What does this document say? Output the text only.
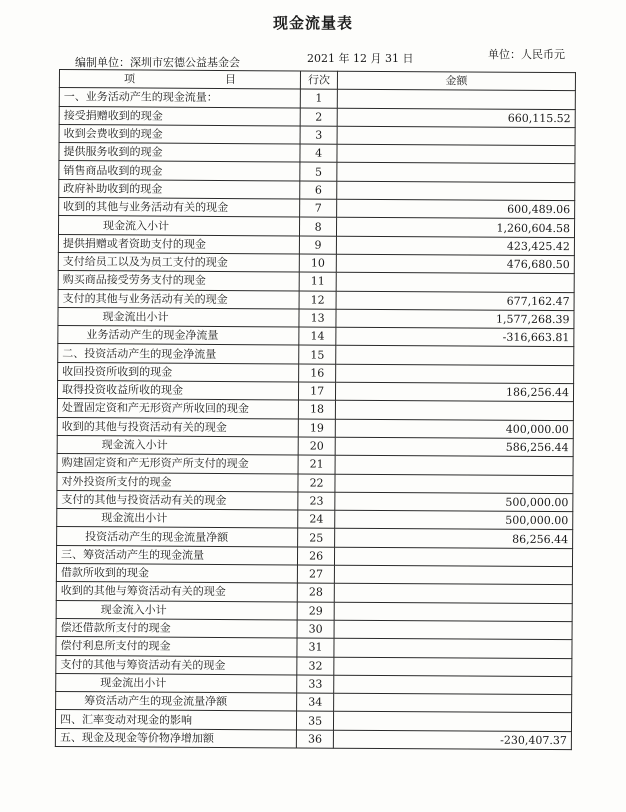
现金流量表
编制单位：深圳市宏德公益基金会	2021 年 12 月 31 日	单位：人民币元
项 目	行次	金额
一、业务活动产生的现金流量：	1	
接受捐赠收到的现金	2	660,115.52
收到会费收到的现金	3	
提供服务收到的现金	4	
销售商品收到的现金	5	
政府补助收到的现金	6	
收到的其他与业务活动有关的现金	7	600,489.06
现金流入小计	8	1,260,604.58
提供捐赠或者资助支付的现金	9	423,425.42
支付给员工以及为员工支付的现金	10	476,680.50
购买商品接受劳务支付的现金	11	
支付的其他与业务活动有关的现金	12	677,162.47
现金流出小计	13	1,577,268.39
业务活动产生的现金净流量	14	-316,663.81
二、投资活动产生的现金净流量	15	
收回投资所收到的现金	16	
取得投资收益所收的现金	17	186,256.44
处置固定资和产无形资产所收回的现金	18	
收到的其他与投资活动有关的现金	19	400,000.00
现金流入小计	20	586,256.44
购建固定资和产无形资产所支付的现金	21	
对外投资所支付的现金	22	
支付的其他与投资活动有关的现金	23	500,000.00
现金流出小计	24	500,000.00
投资活动产生的现金流量净额	25	86,256.44
三、筹资活动产生的现金流量	26	
借款所收到的现金	27	
收到的其他与筹资活动有关的现金	28	
现金流入小计	29	
偿还借款所支付的现金	30	
偿付利息所支付的现金	31	
支付的其他与筹资活动有关的现金	32	
现金流出小计	33	
筹资活动产生的现金流量净额	34	
四、汇率变动对现金的影响	35	
五、现金及现金等价物净增加额	36	-230,407.37
